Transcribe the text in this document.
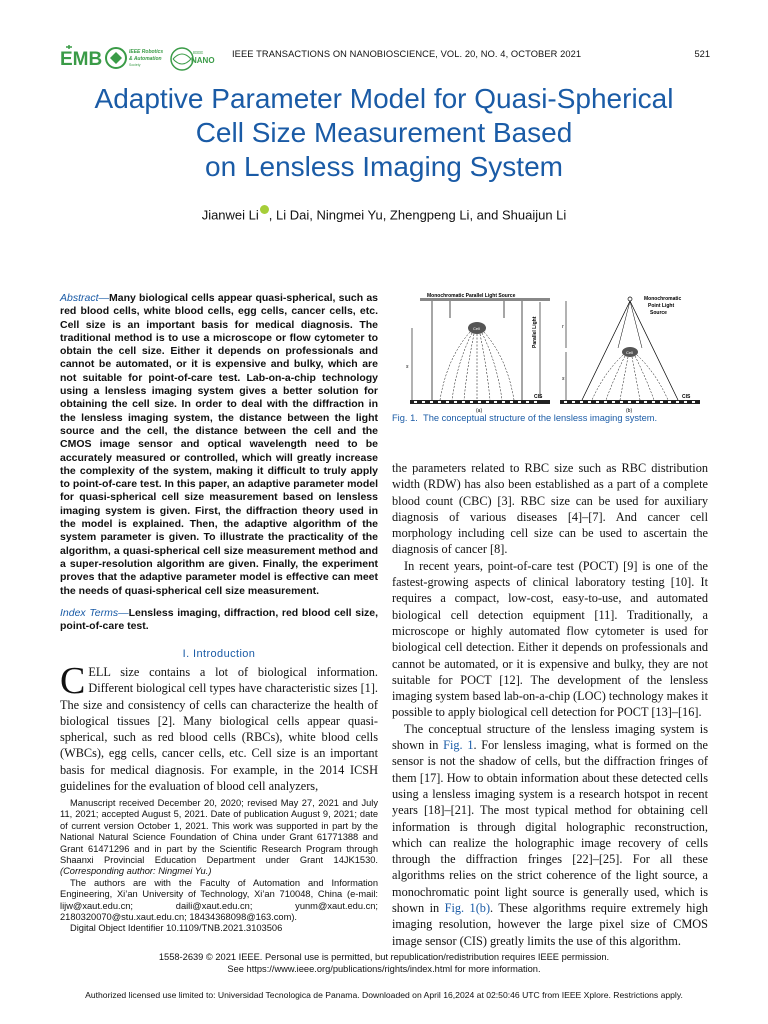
EMB	IEEE Robotics
& Automation
Society
IEEE
NANO
IEEE TRANSACTIONS ON NANOBIOSCIENCE, VOL. 20, NO. 4, OCTOBER 2021	521
Adaptive Parameter Model for Quasi-Spherical
Cell Size Measurement Based
on Lensless Imaging System
Jianwei Li , Li Dai, Ningmei Yu, Zhengpeng Li, and Shuaijun Li
Abstract—Many biological cells appear quasi-spherical, such as red blood cells, white blood cells, egg cells, cancer cells, etc. Cell size is an important basis for medical diagnosis. The traditional method is to use a microscope or flow cytometer to obtain the cell size. Either it depends on professionals and cannot be automated, or it is expensive and bulky, which are not suitable for point-of-care test. Lab-on-a-chip technology using a lensless imaging system gives a better solution for obtaining the cell size. In order to deal with the diffraction in the lensless imaging system, the distance between the light source and the cell, the distance between the cell and the CMOS image sensor and optical wavelength need to be accurately measured or controlled, which will greatly increase the complexity of the system, making it difficult to truly apply to point-of-care test. In this paper, an adaptive parameter model for quasi-spherical cell size measurement based on lensless imaging system is given. First, the diffraction theory used in the model is explained. Then, the adaptive algorithm of the system parameter is given. To illustrate the practicality of the algorithm, a quasi-spherical cell size measurement method and a super-resolution algorithm are given. Finally, the experiment proves that the adaptive parameter model is effective can meet the needs of quasi-spherical cell size measurement.
Index Terms—Lensless imaging, diffraction, red blood cell size, point-of-care test.
I. Introduction
CELL size contains a lot of biological information. Different biological cell types have characteristic sizes [1]. The size and consistency of cells can characterize the health of biological tissues [2]. Many biological cells appear quasi-spherical, such as red blood cells (RBCs), white blood cells (WBCs), egg cells, cancer cells, etc. Cell size is an important basis for medical diagnosis. For example, in the 2014 ICSH guidelines for the evaluation of blood cell analyzers,

Manuscript received December 20, 2020; revised May 27, 2021 and July 11, 2021; accepted August 5, 2021. Date of publication August 9, 2021; date of current version October 1, 2021. This work was supported in part by the National Natural Science Foundation of China under Grant 61771388 and Grant 61471296 and in part by the Scientific Research Program through Shaanxi Provincial Education Department under Grant 14JK1530. (Corresponding author: Ningmei Yu.)

The authors are with the Faculty of Automation and Information Engineering, Xi’an University of Technology, Xi’an 710048, China (e-mail: lijw@xaut.edu.cn; daili@xaut.edu.cn; yunm@xaut.edu.cn; 2180320070@stu.xaut.edu.cn; 18434368098@163.com).

Digital Object Identifier 10.1109/TNB.2021.3103506

Monochromatic Parallel Light Source
Parallel Light
Cell
s
CIS
(a)
Monochromatic
Point Light
Source
Cell
r
s
CIS
(b)
Fig. 1. The conceptual structure of the lensless imaging system.

the parameters related to RBC size such as RBC distribution width (RDW) has also been established as a part of a complete blood count (CBC) [3]. RBC size can be used for auxiliary diagnosis of various diseases [4]–[7]. And cancer cell morphology including cell size can be used to ascertain the diagnosis of cancer [8].

In recent years, point-of-care test (POCT) [9] is one of the fastest-growing aspects of clinical laboratory testing [10]. It requires a compact, low-cost, easy-to-use, and automated biological cell detection equipment [11]. Traditionally, a microscope or highly automated flow cytometer is used for biological cell detection. Either it depends on professionals and cannot be automated, or it is expensive and bulky, they are not suitable for POCT [12]. The development of the lensless imaging system based lab-on-a-chip (LOC) technology makes it possible to apply biological cell detection for POCT [13]–[16].

The conceptual structure of the lensless imaging system is shown in Fig. 1. For lensless imaging, what is formed on the sensor is not the shadow of cells, but the diffraction fringes of them [17]. How to obtain information about these detected cells using a lensless imaging system is a research hotspot in recent years [18]–[21]. The most typical method for obtaining cell information is through digital holographic reconstruction, which can realize the holographic image recovery of cells through the diffraction fringes [22]–[25]. For all these algorithms relies on the strict coherence of the light source, a monochromatic point light source is generally used, which is shown in Fig. 1(b). These algorithms require extremely high imaging resolution, however the large pixel size of CMOS image sensor (CIS) greatly limits the use of this algorithm.

1558-2639 © 2021 IEEE. Personal use is permitted, but republication/redistribution requires IEEE permission.
See https://www.ieee.org/publications/rights/index.html for more information.
Authorized licensed use limited to: Universidad Tecnologica de Panama. Downloaded on April 16,2024 at 02:50:46 UTC from IEEE Xplore. Restrictions apply.
